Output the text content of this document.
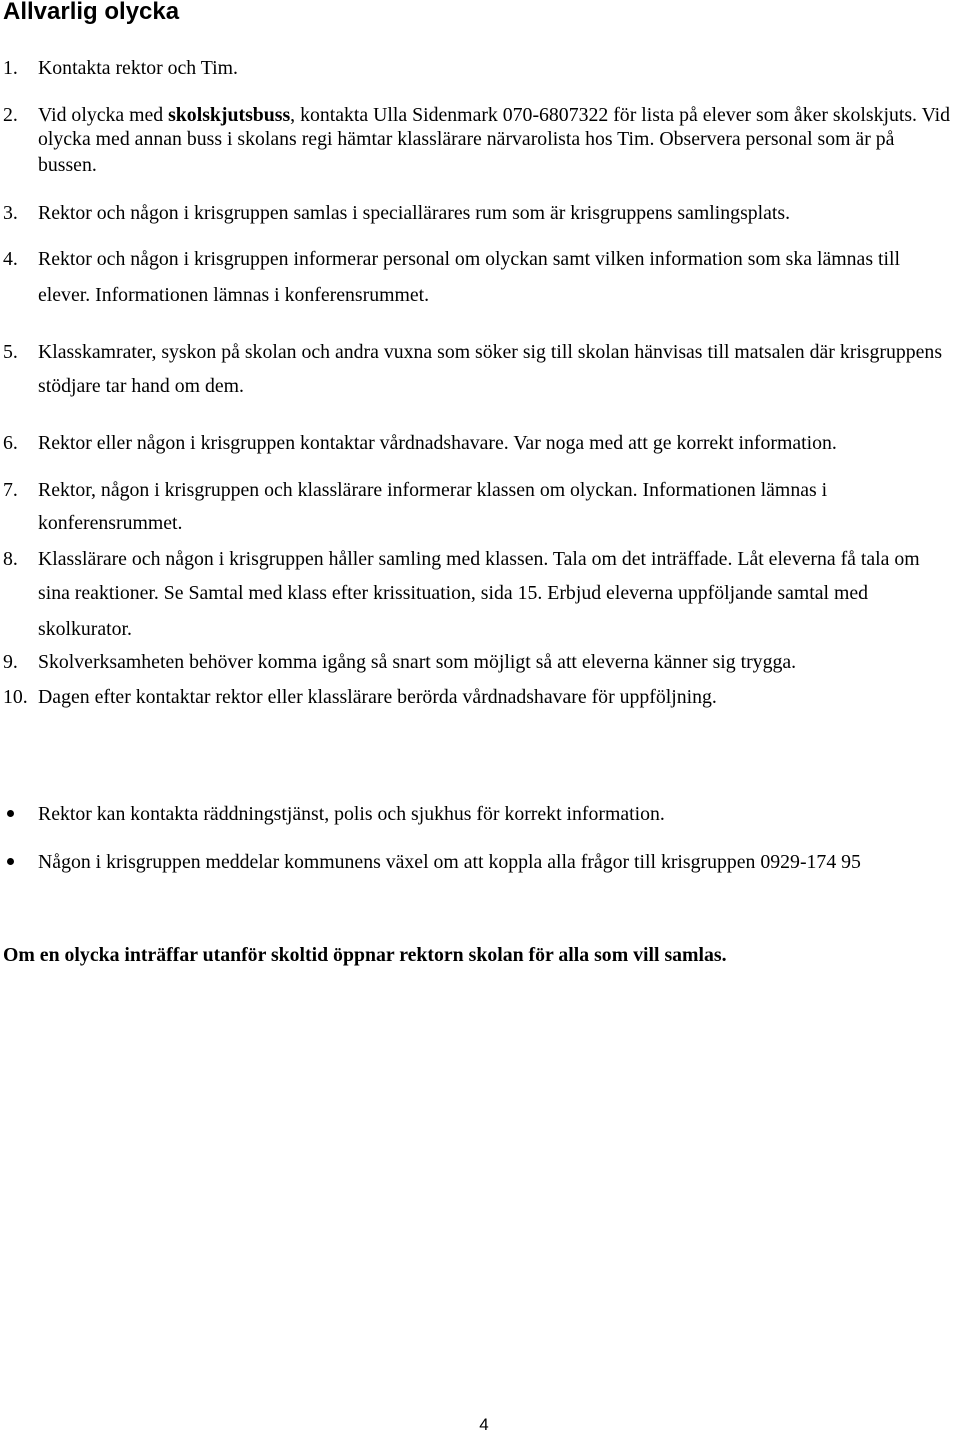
Allvarlig olycka
1. Kontakta rektor och Tim.
2. Vid olycka med skolskjutsbuss, kontakta Ulla Sidenmark 070-6807322 för lista på elever som åker skolskjuts. Vid
olycka med annan buss i skolans regi hämtar klasslärare närvarolista hos Tim. Observera personal som är på
bussen.
3. Rektor och någon i krisgruppen samlas i speciallärares rum som är krisgruppens samlingsplats.
4. Rektor och någon i krisgruppen informerar personal om olyckan samt vilken information som ska lämnas till
elever. Informationen lämnas i konferensrummet.
5. Klasskamrater, syskon på skolan och andra vuxna som söker sig till skolan hänvisas till matsalen där krisgruppens
stödjare tar hand om dem.
6. Rektor eller någon i krisgruppen kontaktar vårdnadshavare. Var noga med att ge korrekt information.
7. Rektor, någon i krisgruppen och klasslärare informerar klassen om olyckan. Informationen lämnas i
konferensrummet.
8. Klasslärare och någon i krisgruppen håller samling med klassen. Tala om det inträffade. Låt eleverna få tala om
sina reaktioner. Se Samtal med klass efter krissituation, sida 15. Erbjud eleverna uppföljande samtal med
skolkurator.
9. Skolverksamheten behöver komma igång så snart som möjligt så att eleverna känner sig trygga.
10. Dagen efter kontaktar rektor eller klasslärare berörda vårdnadshavare för uppföljning.
Rektor kan kontakta räddningstjänst, polis och sjukhus för korrekt information.
Någon i krisgruppen meddelar kommunens växel om att koppla alla frågor till krisgruppen 0929-174 95

Om en olycka inträffar utanför skoltid öppnar rektorn skolan för alla som vill samlas.

4
